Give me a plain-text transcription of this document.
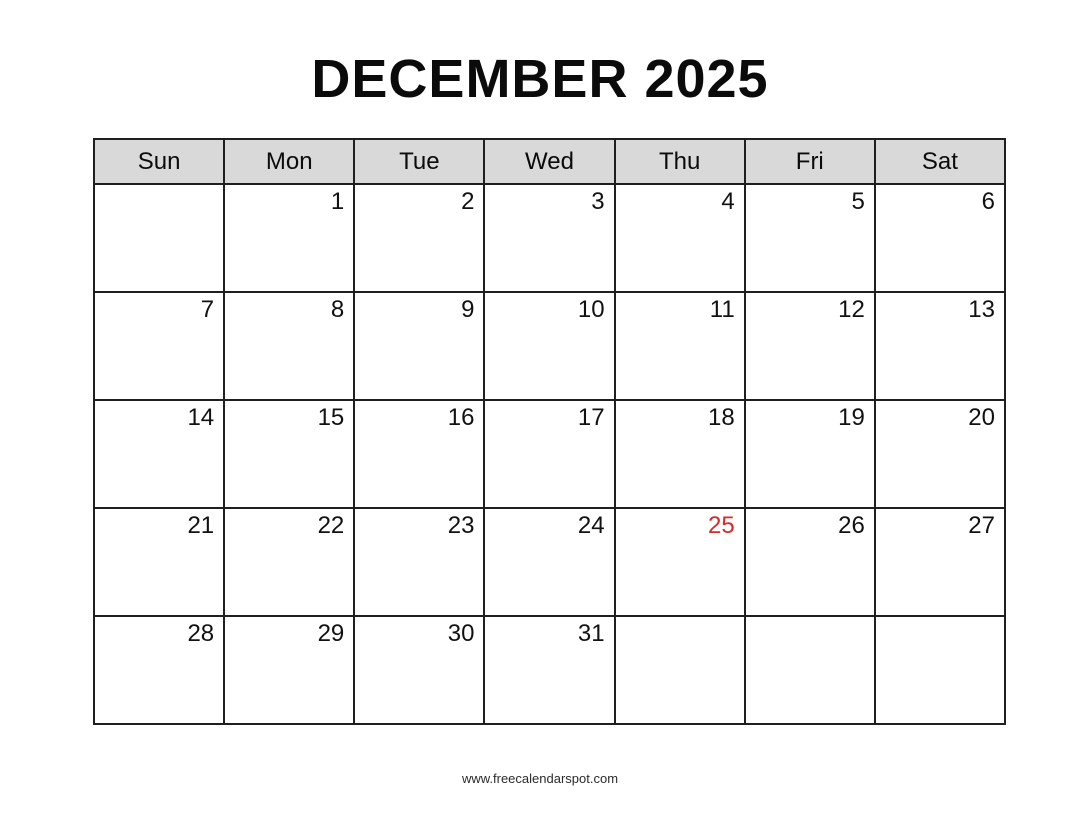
DECEMBER 2025
Sun	Mon	Tue	Wed	Thu	Fri	Sat
	1	2	3	4	5	6
7	8	9	10	11	12	13
14	15	16	17	18	19	20
21	22	23	24	25	26	27
28	29	30	31			
www.freecalendarspot.com
